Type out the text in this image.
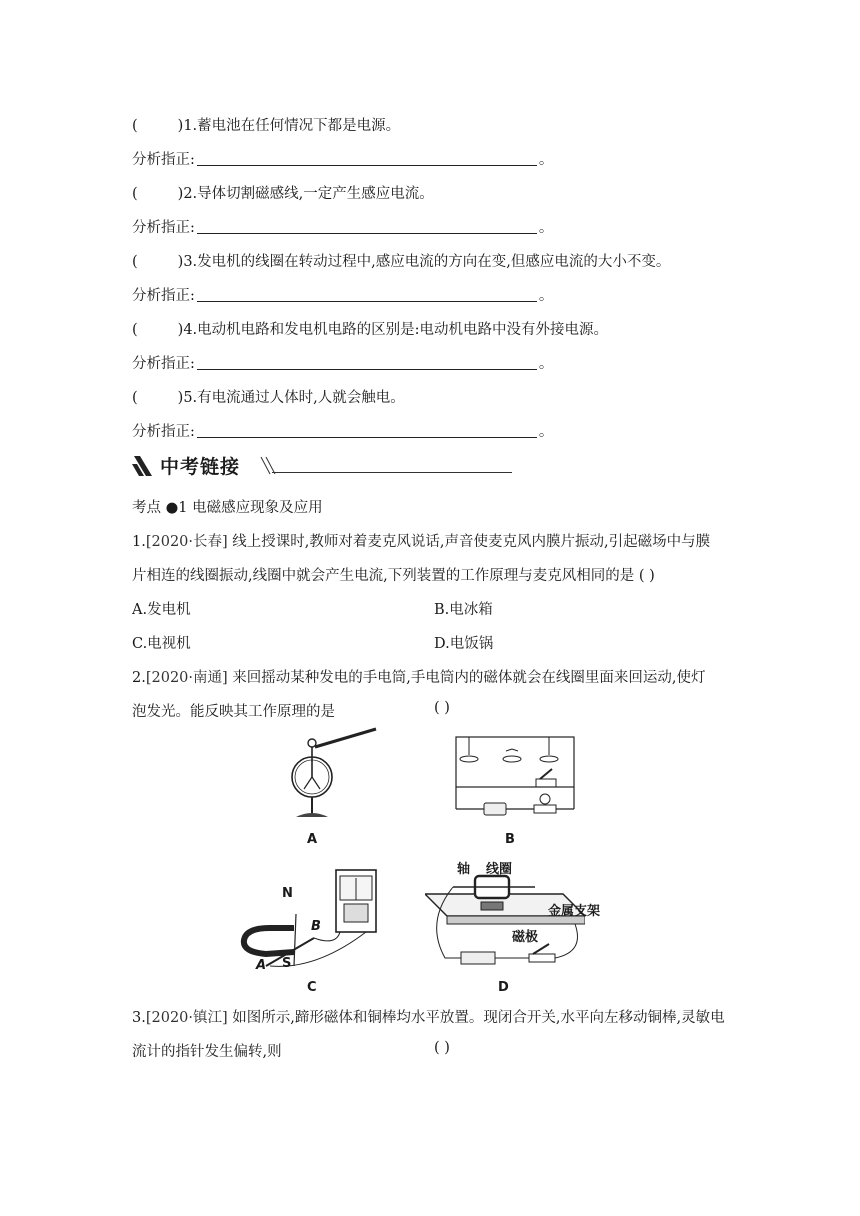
(	)1.蓄电池在任何情况下都是电源。
分析指正:	。
(	)2.导体切割磁感线,一定产生感应电流。
分析指正:	。
(	)3.发电机的线圈在转动过程中,感应电流的方向在变,但感应电流的大小不变。
分析指正:	。
(	)4.电动机电路和发电机电路的区别是:电动机电路中没有外接电源。
分析指正:	。
(	)5.有电流通过人体时,人就会触电。
分析指正:	。
中考链接
考点 ●1 电磁感应现象及应用
1.[2020·长春] 线上授课时,教师对着麦克风说话,声音使麦克风内膜片振动,引起磁场中与膜
片相连的线圈振动,线圈中就会产生电流,下列装置的工作原理与麦克风相同的是 ( )
A.发电机	B.电冰箱
C.电视机	D.电饭锅
2.[2020·南通] 来回摇动某种发电的手电筒,手电筒内的磁体就会在线圈里面来回运动,使灯
泡发光。能反映其工作原理的是	( )
A	B
N
S
A
B
C
轴 线圈
金属支架
磁极
D
3.[2020·镇江] 如图所示,蹄形磁体和铜棒均水平放置。现闭合开关,水平向左移动铜棒,灵敏电
流计的指针发生偏转,则	( )
